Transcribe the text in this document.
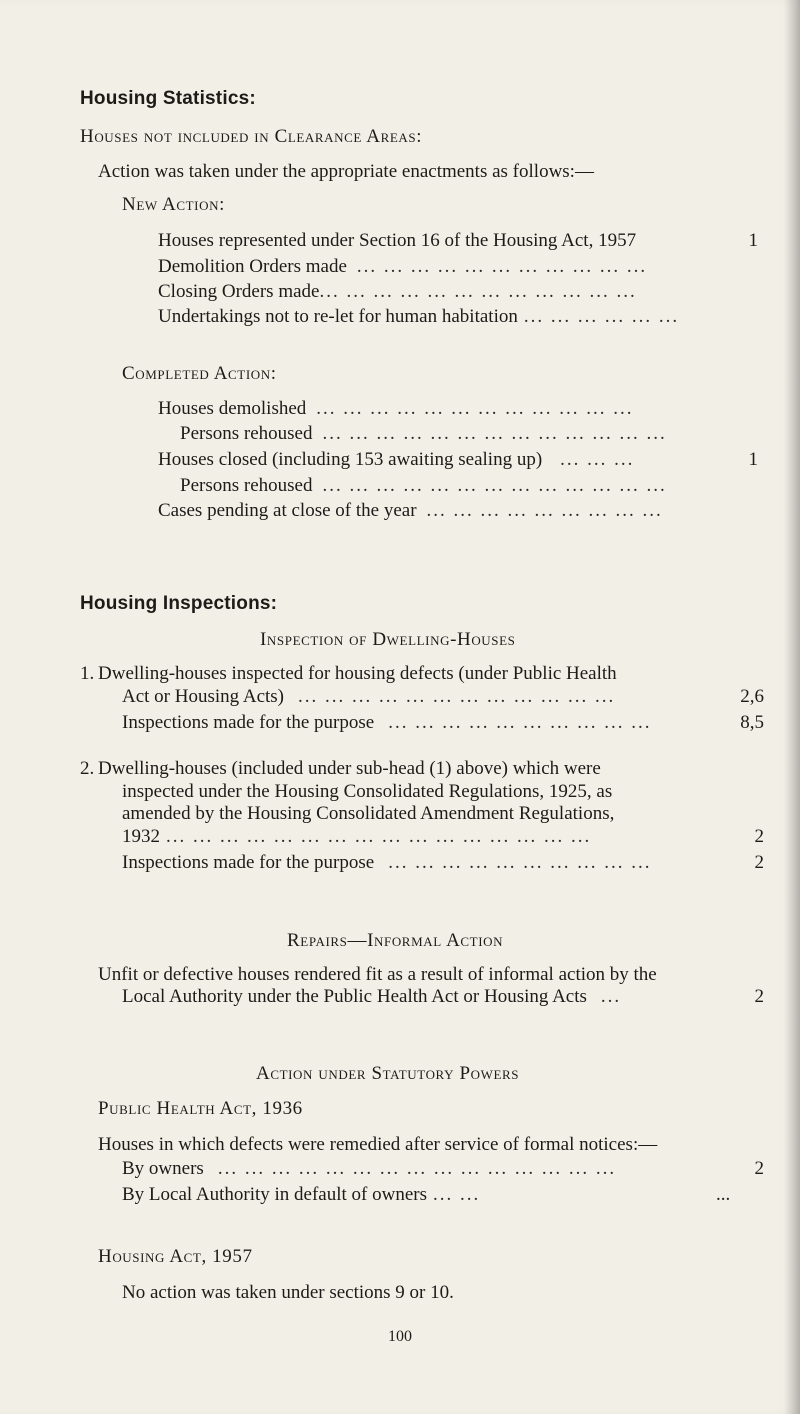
Housing Statistics:
Houses not included in Clearance Areas:
Action was taken under the appropriate enactments as follows:—
New Action:
Houses represented under Section 16 of the Housing Act, 1957	1
Demolition Orders made ... ... ... ... ... ... ... ... ... ... ...
Closing Orders made ... ... ... ... ... ... ... ... ... ... ... ...
Undertakings not to re-let for human habitation ... ... ... ... ... ...
Completed Action:
Houses demolished ... ... ... ... ... ... ... ... ... ... ... ...
Persons rehoused ... ... ... ... ... ... ... ... ... ... ... ... ...
Houses closed (including 153 awaiting sealing up) ... ... ...	1
Persons rehoused ... ... ... ... ... ... ... ... ... ... ... ... ...
Cases pending at close of the year ... ... ... ... ... ... ... ... ...
Housing Inspections:
Inspection of Dwelling-Houses
1. Dwelling-houses inspected for housing defects (under Public Health
Act or Housing Acts) ... ... ... ... ... ... ... ... ... ... ... ...	2,6
Inspections made for the purpose ... ... ... ... ... ... ... ... ... ...	8,5
2. Dwelling-houses (included under sub-head (1) above) which were
inspected under the Housing Consolidated Regulations, 1925, as
amended by the Housing Consolidated Amendment Regulations,
1932 ... ... ... ... ... ... ... ... ... ... ... ... ... ... ... ...	2
Inspections made for the purpose ... ... ... ... ... ... ... ... ... ...	2
Repairs—Informal Action
Unfit or defective houses rendered fit as a result of informal action by the
Local Authority under the Public Health Act or Housing Acts ...	2
Action under Statutory Powers
Public Health Act, 1936
Houses in which defects were remedied after service of formal notices:—
By owners ... ... ... ... ... ... ... ... ... ... ... ... ... ... ...	2
By Local Authority in default of owners ... ...	...
Housing Act, 1957
No action was taken under sections 9 or 10.
100
